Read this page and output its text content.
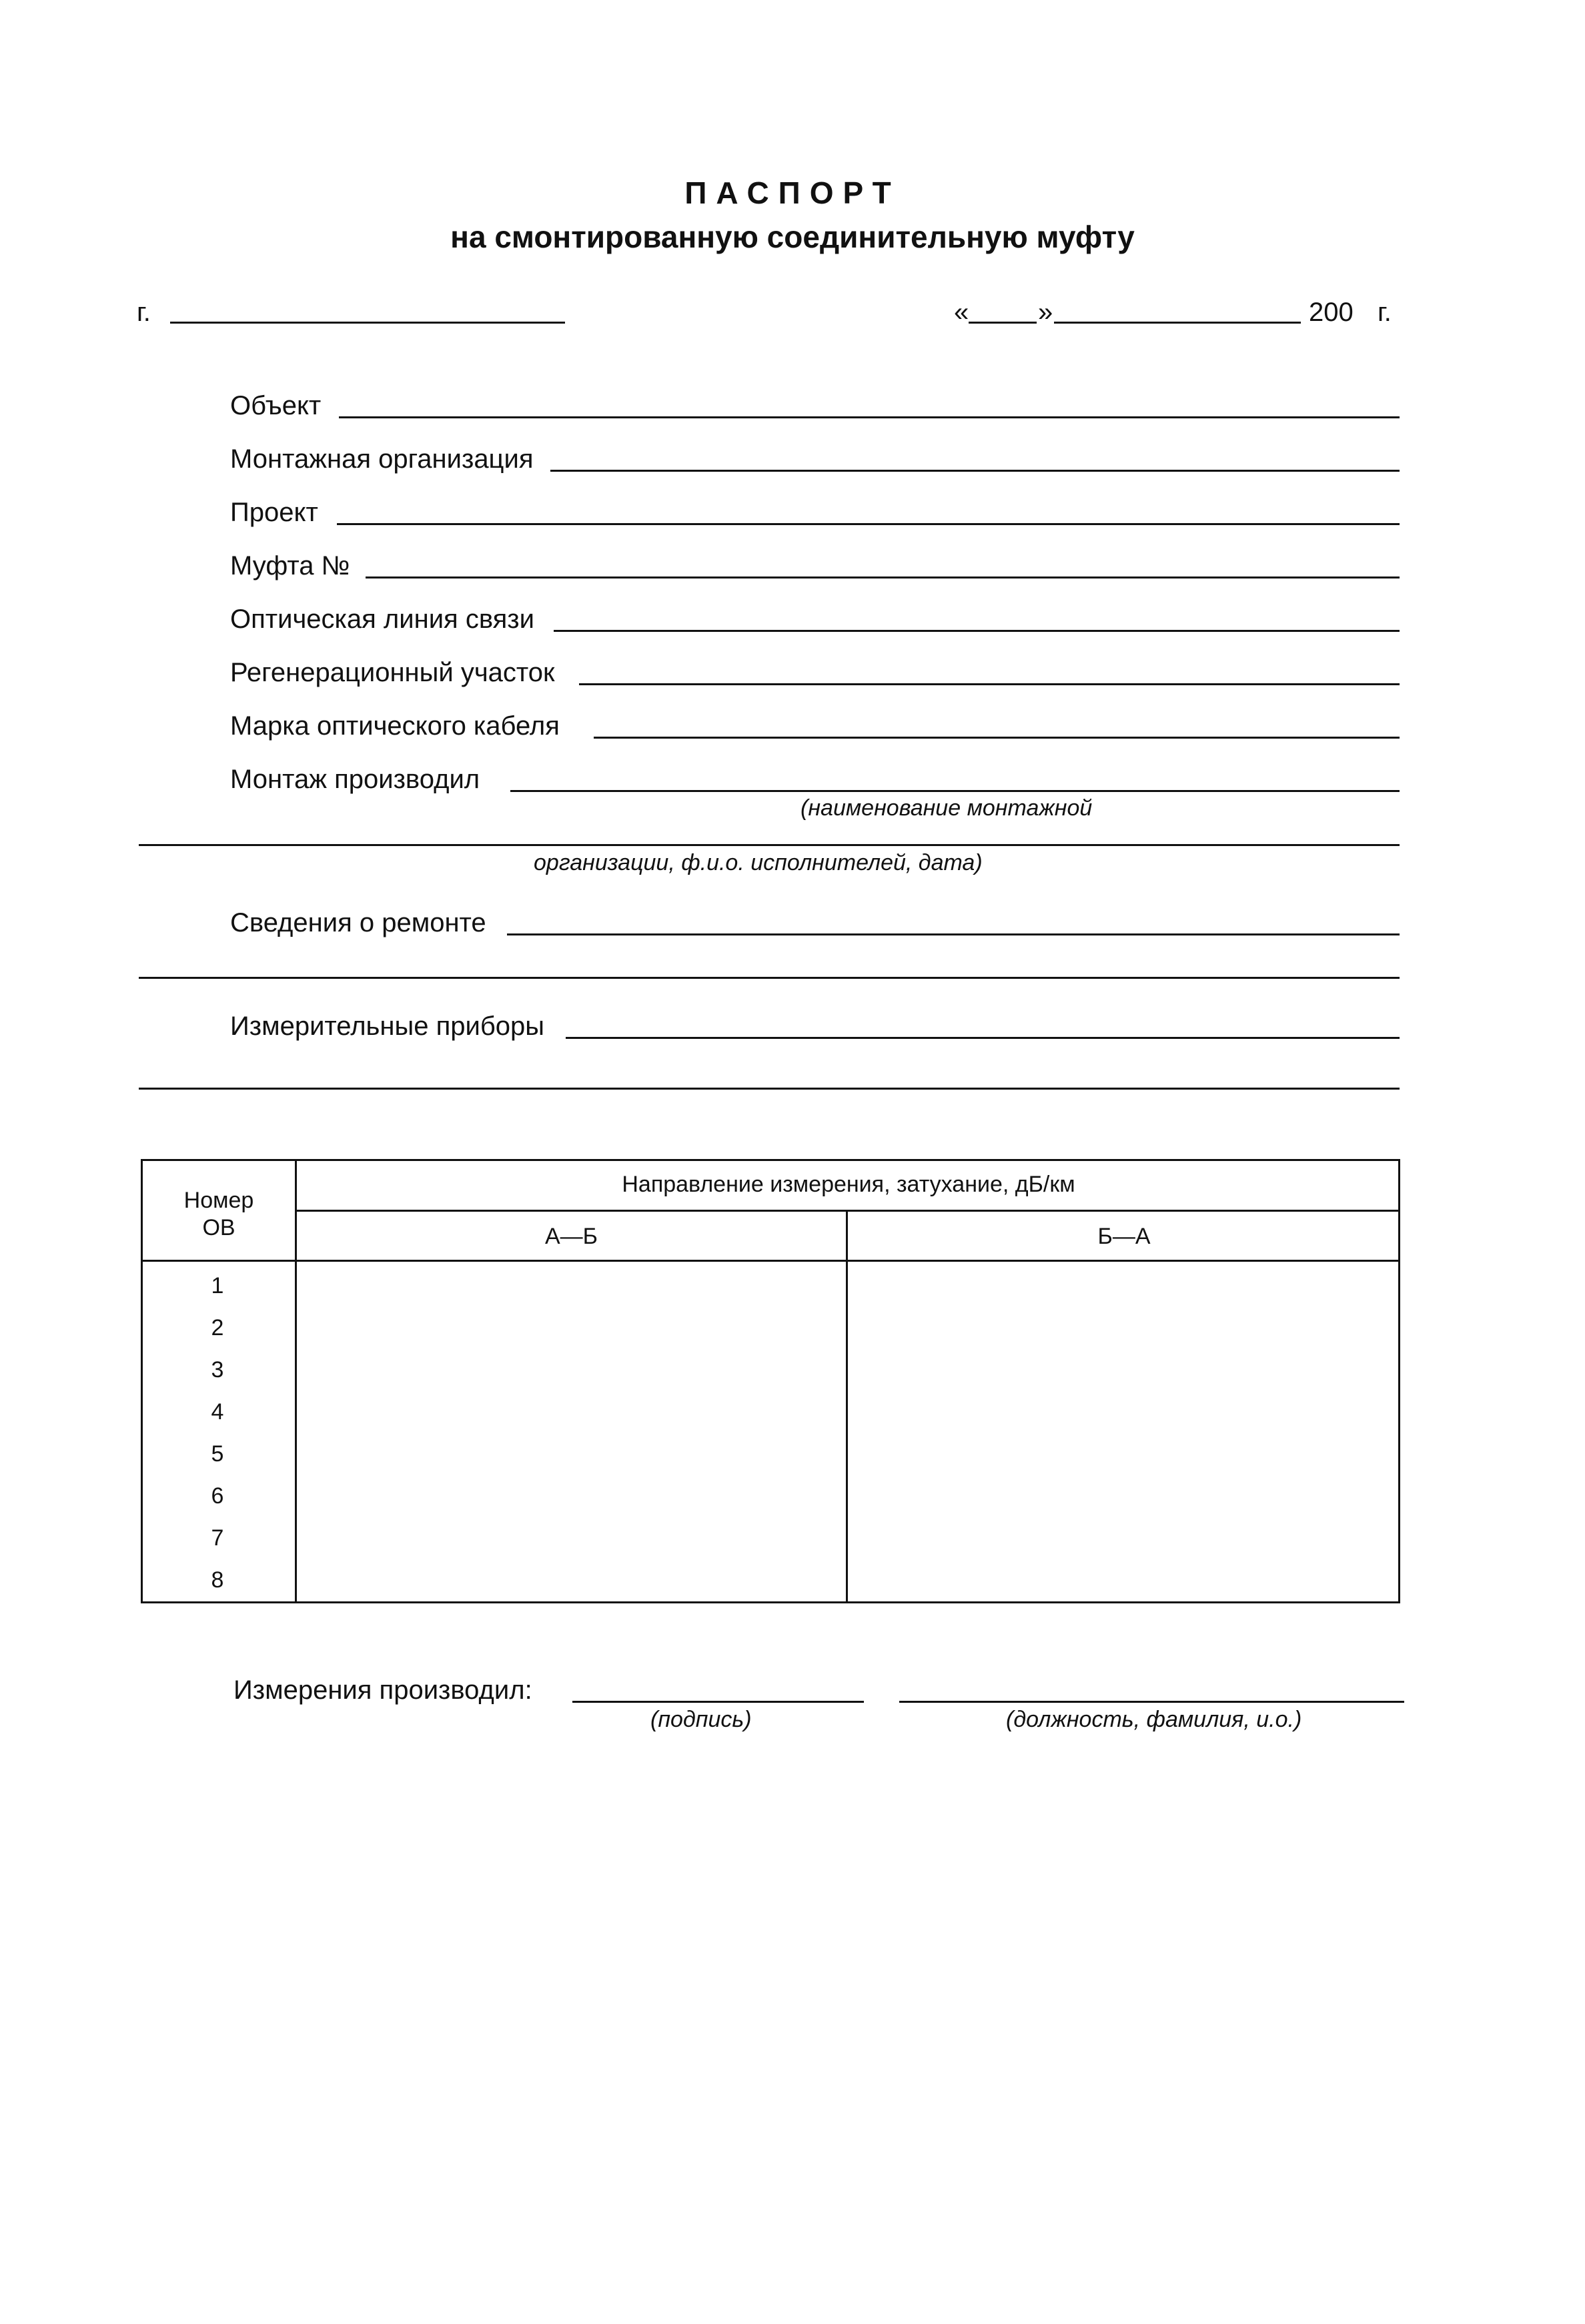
ПАСПОРТ
на смонтированную соединительную муфту
г.	«	»	200 г.
Объект
Монтажная организация
Проект
Муфта №
Оптическая линия связи
Регенерационный участок
Марка оптического кабеля
Монтаж производил
(наименование монтажной
организации, ф.и.о. исполнителей, дата)
Сведения о ремонте
Измерительные приборы
Номер
ОВ
Направление измерения, затухание, дБ/км
А—Б	Б—А
1
2
3
4
5
6
7
8
Измерения производил:
(подпись)	(должность, фамилия, и.о.)
